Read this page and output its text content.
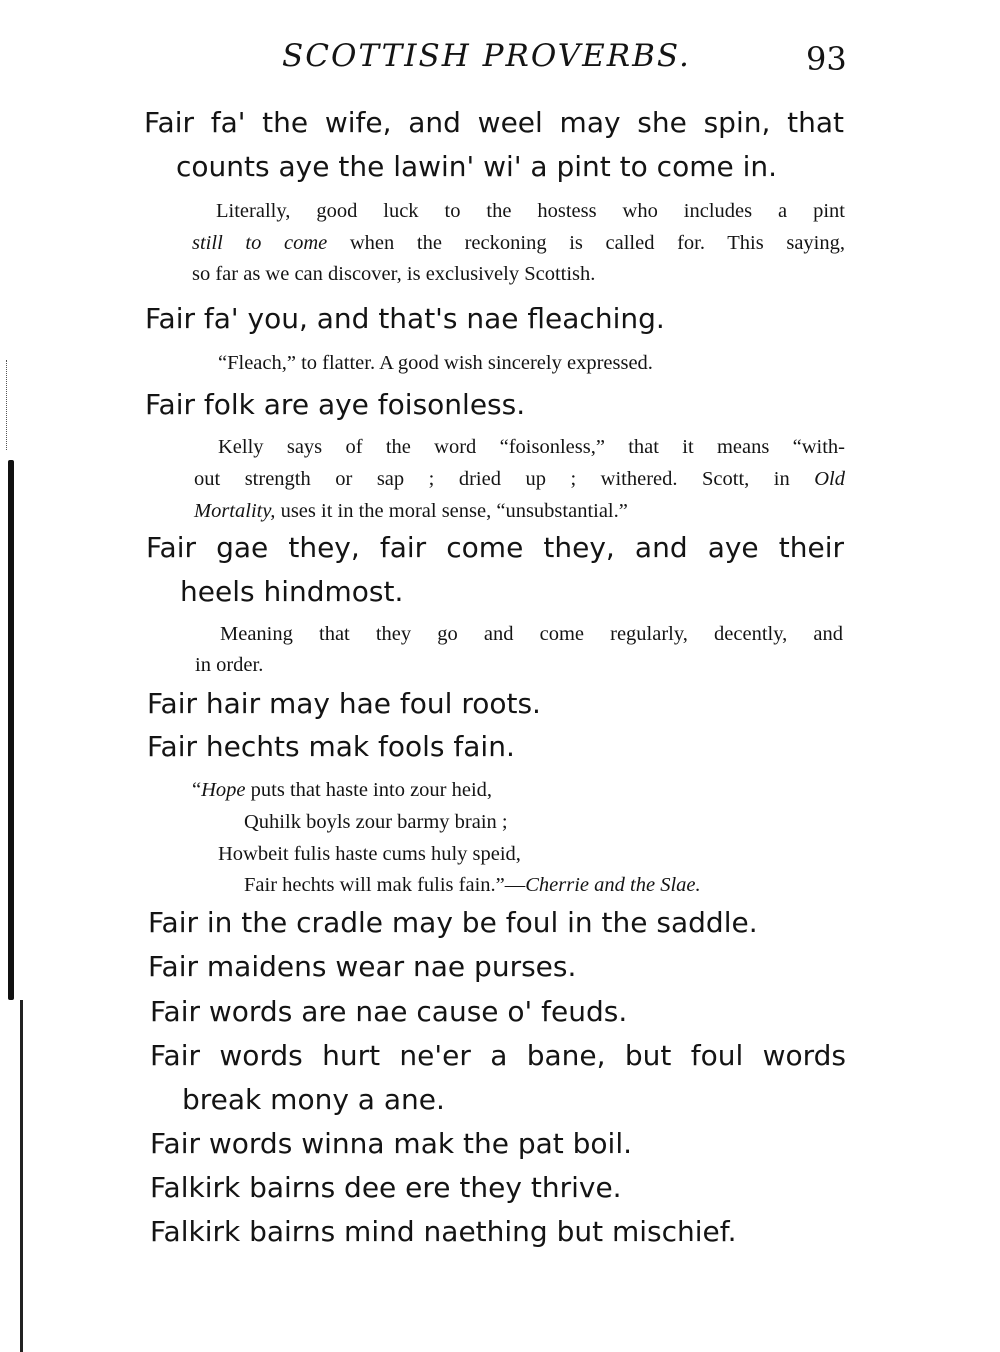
SCOTTISH PROVERBS.	93
Fair fa' the wife, and weel may she spin, that
counts aye the lawin' wi' a pint to come in.
Literally, good luck to the hostess who includes a pint
still to come when the reckoning is called for. This saying,
so far as we can discover, is exclusively Scottish.
Fair fa' you, and that's nae fleaching.
“Fleach,” to flatter. A good wish sincerely expressed.
Fair folk are aye foisonless.
Kelly says of the word “foisonless,” that it means “with-
out strength or sap ; dried up ; withered. Scott, in Old
Mortality, uses it in the moral sense, “unsubstantial.”
Fair gae they, fair come they, and aye their
heels hindmost.
Meaning that they go and come regularly, decently, and
in order.
Fair hair may hae foul roots.
Fair hechts mak fools fain.
“Hope puts that haste into zour heid,
Quhilk boyls zour barmy brain ;
Howbeit fulis haste cums huly speid,
Fair hechts will mak fulis fain.”—Cherrie and the Slae.
Fair in the cradle may be foul in the saddle.
Fair maidens wear nae purses.
Fair words are nae cause o' feuds.
Fair words hurt ne'er a bane, but foul words
break mony a ane.
Fair words winna mak the pat boil.
Falkirk bairns dee ere they thrive.
Falkirk bairns mind naething but mischief.
